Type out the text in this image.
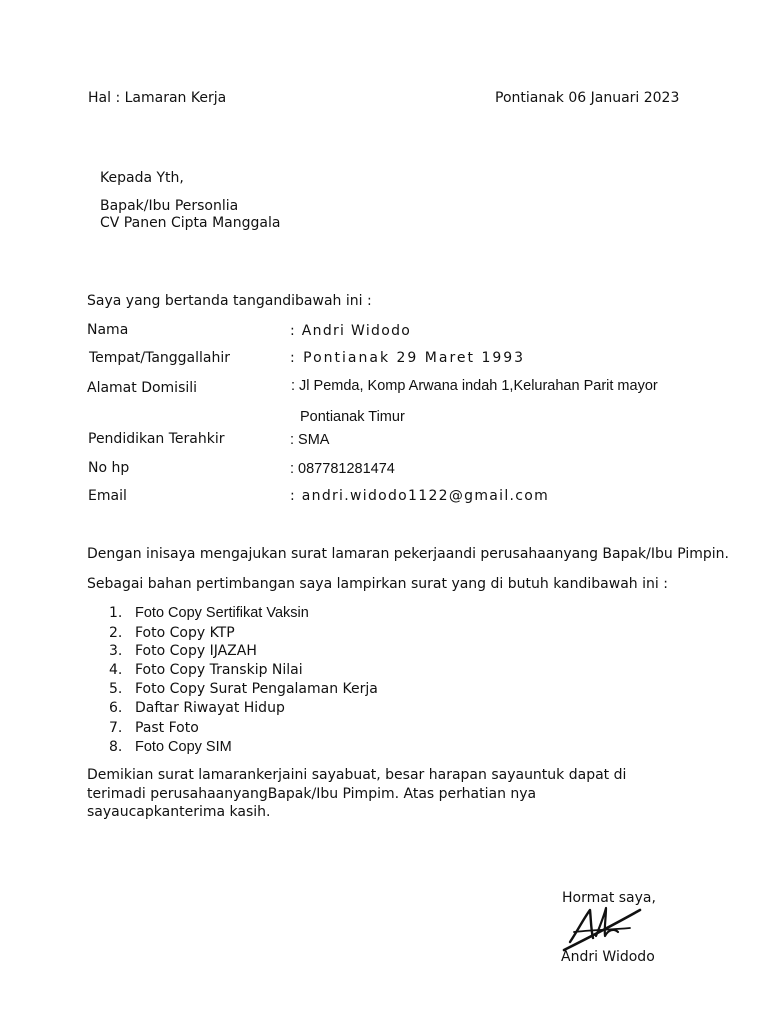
Hal : Lamaran Kerja	Pontianak 06 Januari 2023
Kepada Yth,
Bapak/Ibu Personlia
CV Panen Cipta Manggala
Saya yang bertanda tangandibawah ini :
Nama	: Andri Widodo
Tempat/Tanggallahir	: Pontianak 29 Maret 1993
Alamat Domisili	: Jl Pemda, Komp Arwana indah 1,Kelurahan Parit mayor
Pontianak Timur
Pendidikan Terahkir	: SMA
No hp	: 087781281474
Email	: andri.widodo1122@gmail.com
Dengan inisaya mengajukan surat lamaran pekerjaandi perusahaanyang Bapak/Ibu Pimpin.
Sebagai bahan pertimbangan saya lampirkan surat yang di butuh kandibawah ini :
1. Foto Copy Sertifikat Vaksin
2. Foto Copy KTP
3. Foto Copy IJAZAH
4. Foto Copy Transkip Nilai
5. Foto Copy Surat Pengalaman Kerja
6. Daftar Riwayat Hidup
7. Past Foto
8. Foto Copy SIM
Demikian surat lamarankerjaini sayabuat, besar harapan sayauntuk dapat di
terimadi perusahaanyangBapak/Ibu Pimpim. Atas perhatian nya
sayaucapkanterima kasih.
Hormat saya,
Andri Widodo
